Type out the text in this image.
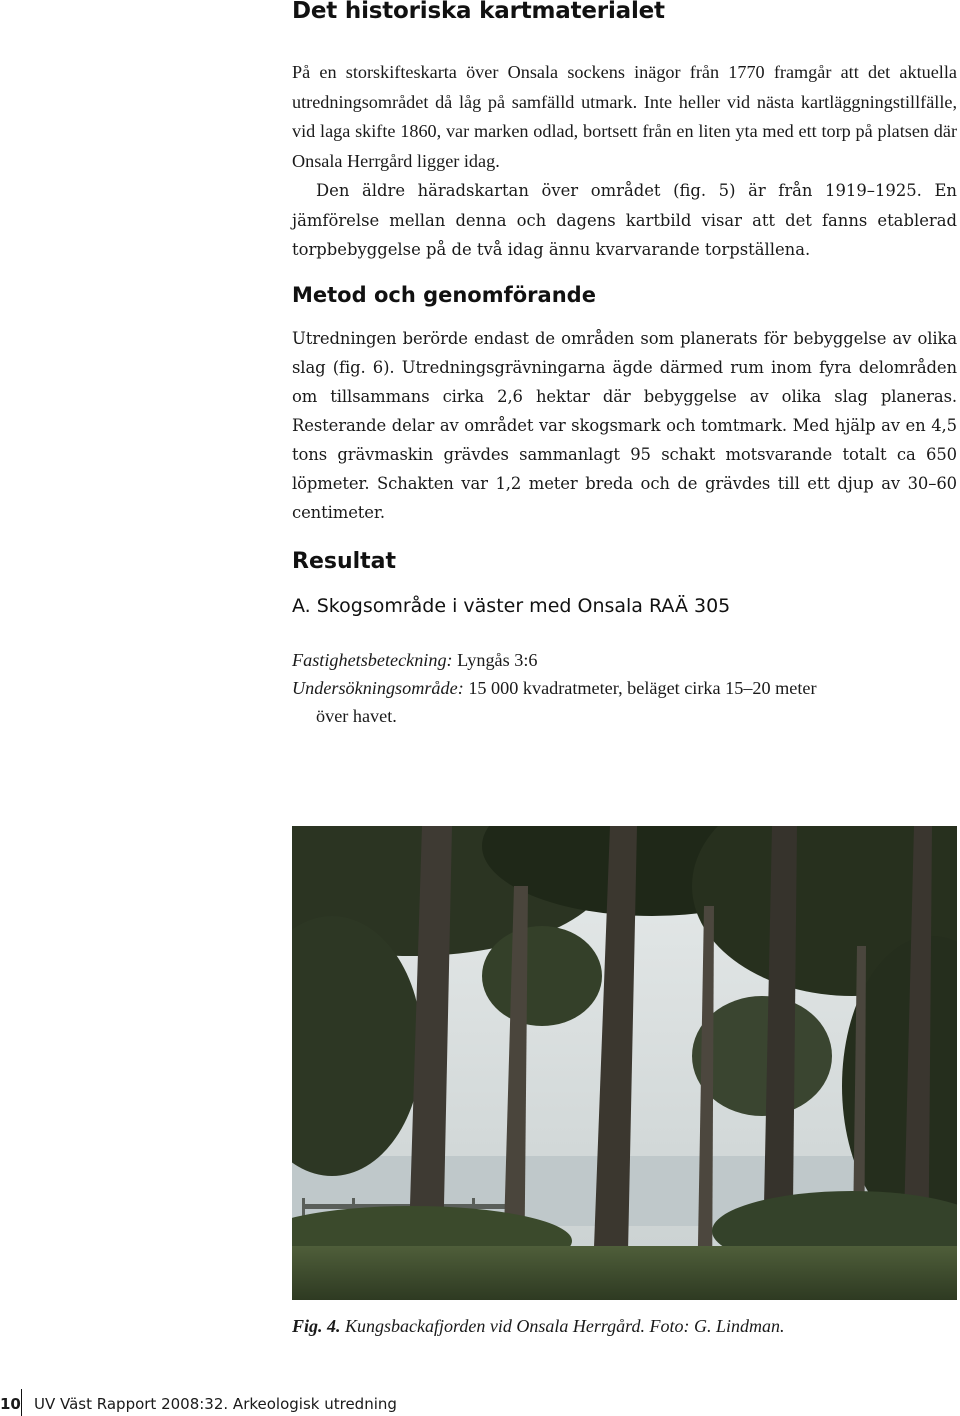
Det historiska kartmaterialet

På en storskifteskarta över Onsala sockens inägor från 1770 framgår att det aktuella utredningsområdet då låg på samfälld utmark. Inte heller vid nästa kartläggningstillfälle, vid laga skifte 1860, var marken odlad, bortsett från en liten yta med ett torp på platsen där Onsala Herrgård ligger idag.
Den äldre häradskartan över området (fig. 5) är från 1919–1925. En jämförelse mellan denna och dagens kartbild visar att det fanns etablerad torpbebyggelse på de två idag ännu kvarvarande torpställena.

Metod och genomförande

Utredningen berörde endast de områden som planerats för bebyggelse av olika slag (fig. 6). Utredningsgrävningarna ägde därmed rum inom fyra delområden om tillsammans cirka 2,6 hektar där bebyggelse av olika slag planeras. Resterande delar av området var skogsmark och tomtmark. Med hjälp av en 4,5 tons grävmaskin grävdes sammanlagt 95 schakt motsvarande totalt ca 650 löpmeter. Schakten var 1,2 meter breda och de grävdes till ett djup av 30–60 centimeter.

Resultat
A. Skogsområde i väster med Onsala RAÄ 305

Fastighetsbeteckning: Lyngås 3:6

Undersökningsområde: 15 000 kvadratmeter, beläget cirka 15–20 meter
över havet.

Fig. 4. Kungsbackafjorden vid Onsala Herrgård. Foto: G. Lindman.

10 UV Väst Rapport 2008:32. Arkeologisk utredning
